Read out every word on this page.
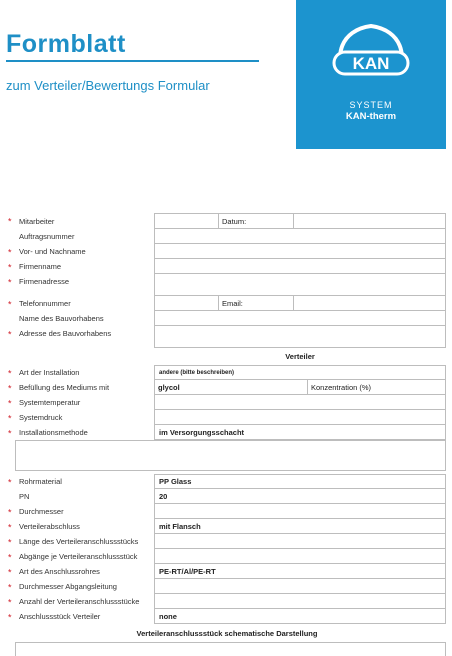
Formblatt
zum Verteiler/Bewertungs Formular
KAN
SYSTEM
KAN-therm
* Mitarbeiter	Datum:
Auftragsnummer
* Vor- und Nachname
* Firmenname
* Firmenadresse
* Telefonnummer	Email:
Name des Bauvorhabens
* Adresse des Bauvorhabens
Verteiler
* Art der Installation	andere (bitte beschreiben)
* Befüllung des Mediums mit	glycol	Konzentration (%)
* Systemtemperatur
* Systemdruck
* Installationsmethode	im Versorgungsschacht
* Rohrmaterial	PP Glass
PN	20
* Durchmesser
* Verteilerabschluss	mit Flansch
* Länge des Verteileranschlussstücks
* Abgänge je Verteileranschlussstück
* Art des Anschlussrohres	PE-RT/Al/PE-RT
* Durchmesser Abgangsleitung
* Anzahl der Verteileranschlussstücke
* Anschlussstück Verteiler	none
Verteileranschlussstück schematische Darstellung
